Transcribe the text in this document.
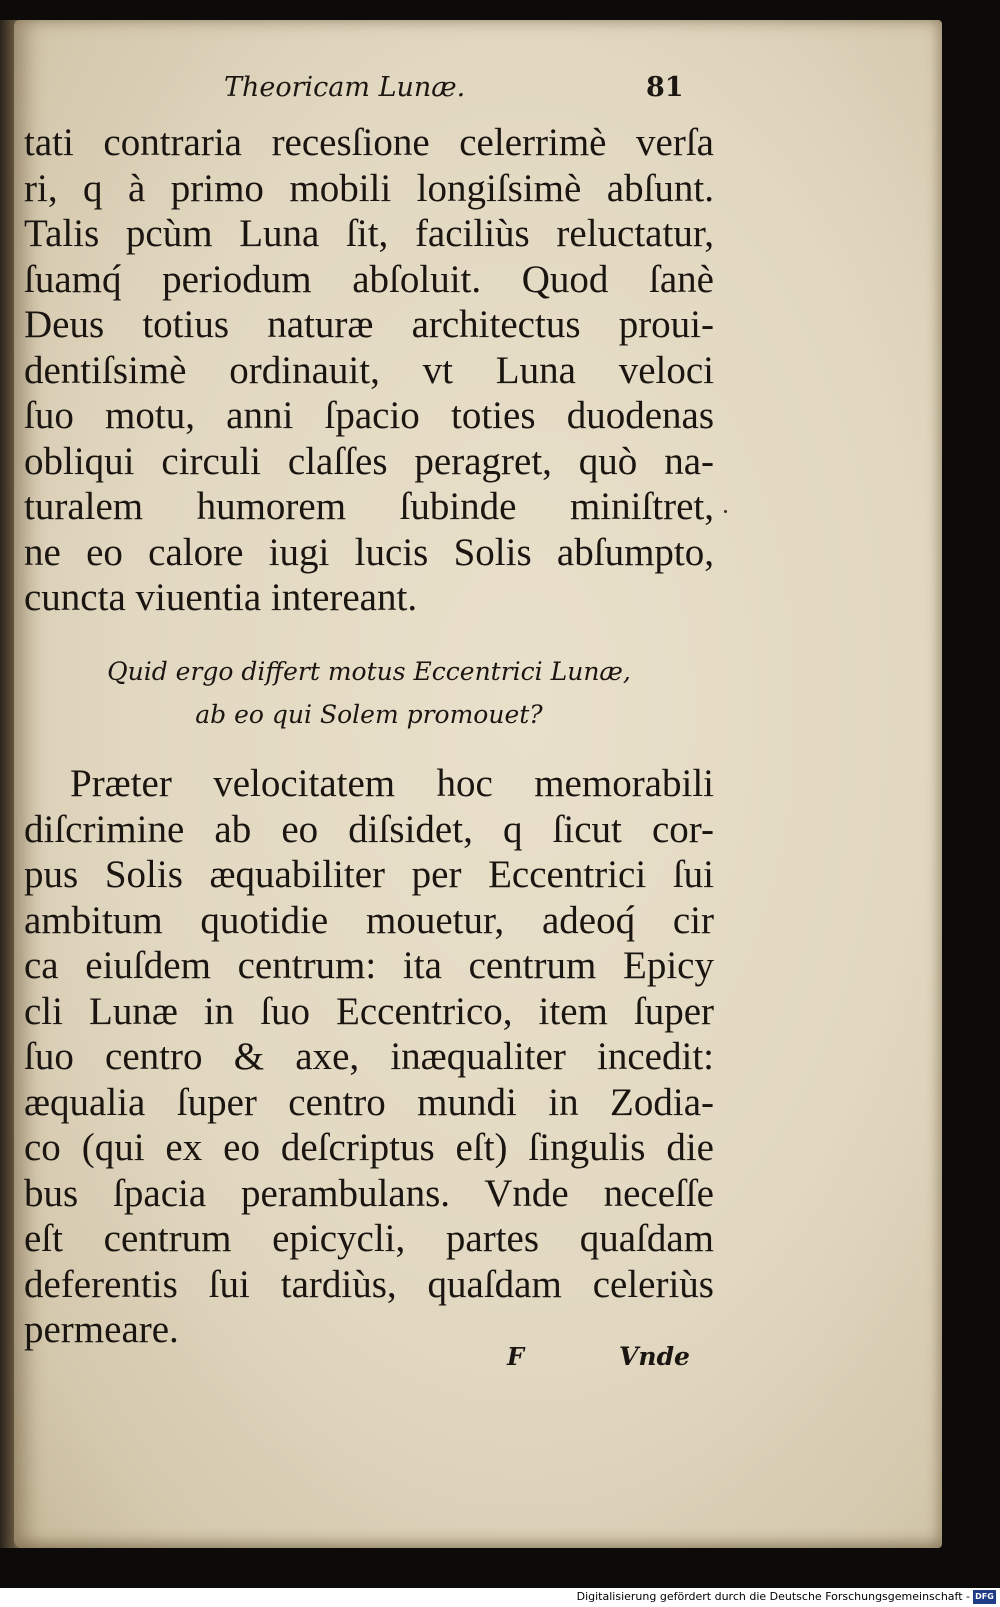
Theoricam Lunæ.	81
tati contraria recesſione celerrimè verſa
ri, q à primo mobili longiſsimè abſunt.
Talis pcùm Luna ſit, faciliùs reluctatur,
ſuamq́ periodum abſoluit. Quod ſanè
Deus totius naturæ architectus proui-
dentiſsimè ordinauit, vt Luna veloci
ſuo motu, anni ſpacio toties duodenas
obliqui circuli claſſes peragret, quò na-
turalem humorem ſubinde miniſtret,
ne eo calore iugi lucis Solis abſumpto,
cuncta viuentia intereant.
Quid ergo differt motus Eccentrici Lunæ,
ab eo qui Solem promouet?
Præter velocitatem hoc memorabili
diſcrimine ab eo diſsidet, q ſicut cor-
pus Solis æquabiliter per Eccentrici ſui
ambitum quotidie mouetur, adeoq́ cir
ca eiuſdem centrum: ita centrum Epicy
cli Lunæ in ſuo Eccentrico, item ſuper
ſuo centro & axe, inæqualiter incedit:
æqualia ſuper centro mundi in Zodia-
co (qui ex eo deſcriptus eſt) ſingulis die
bus ſpacia perambulans. Vnde neceſſe
eſt centrum epicycli, partes quaſdam
deferentis ſui tardiùs, quaſdam celeriùs
permeare.
F	Vnde
Digitalisierung gefördert durch die Deutsche Forschungsgemeinschaft - DFG
